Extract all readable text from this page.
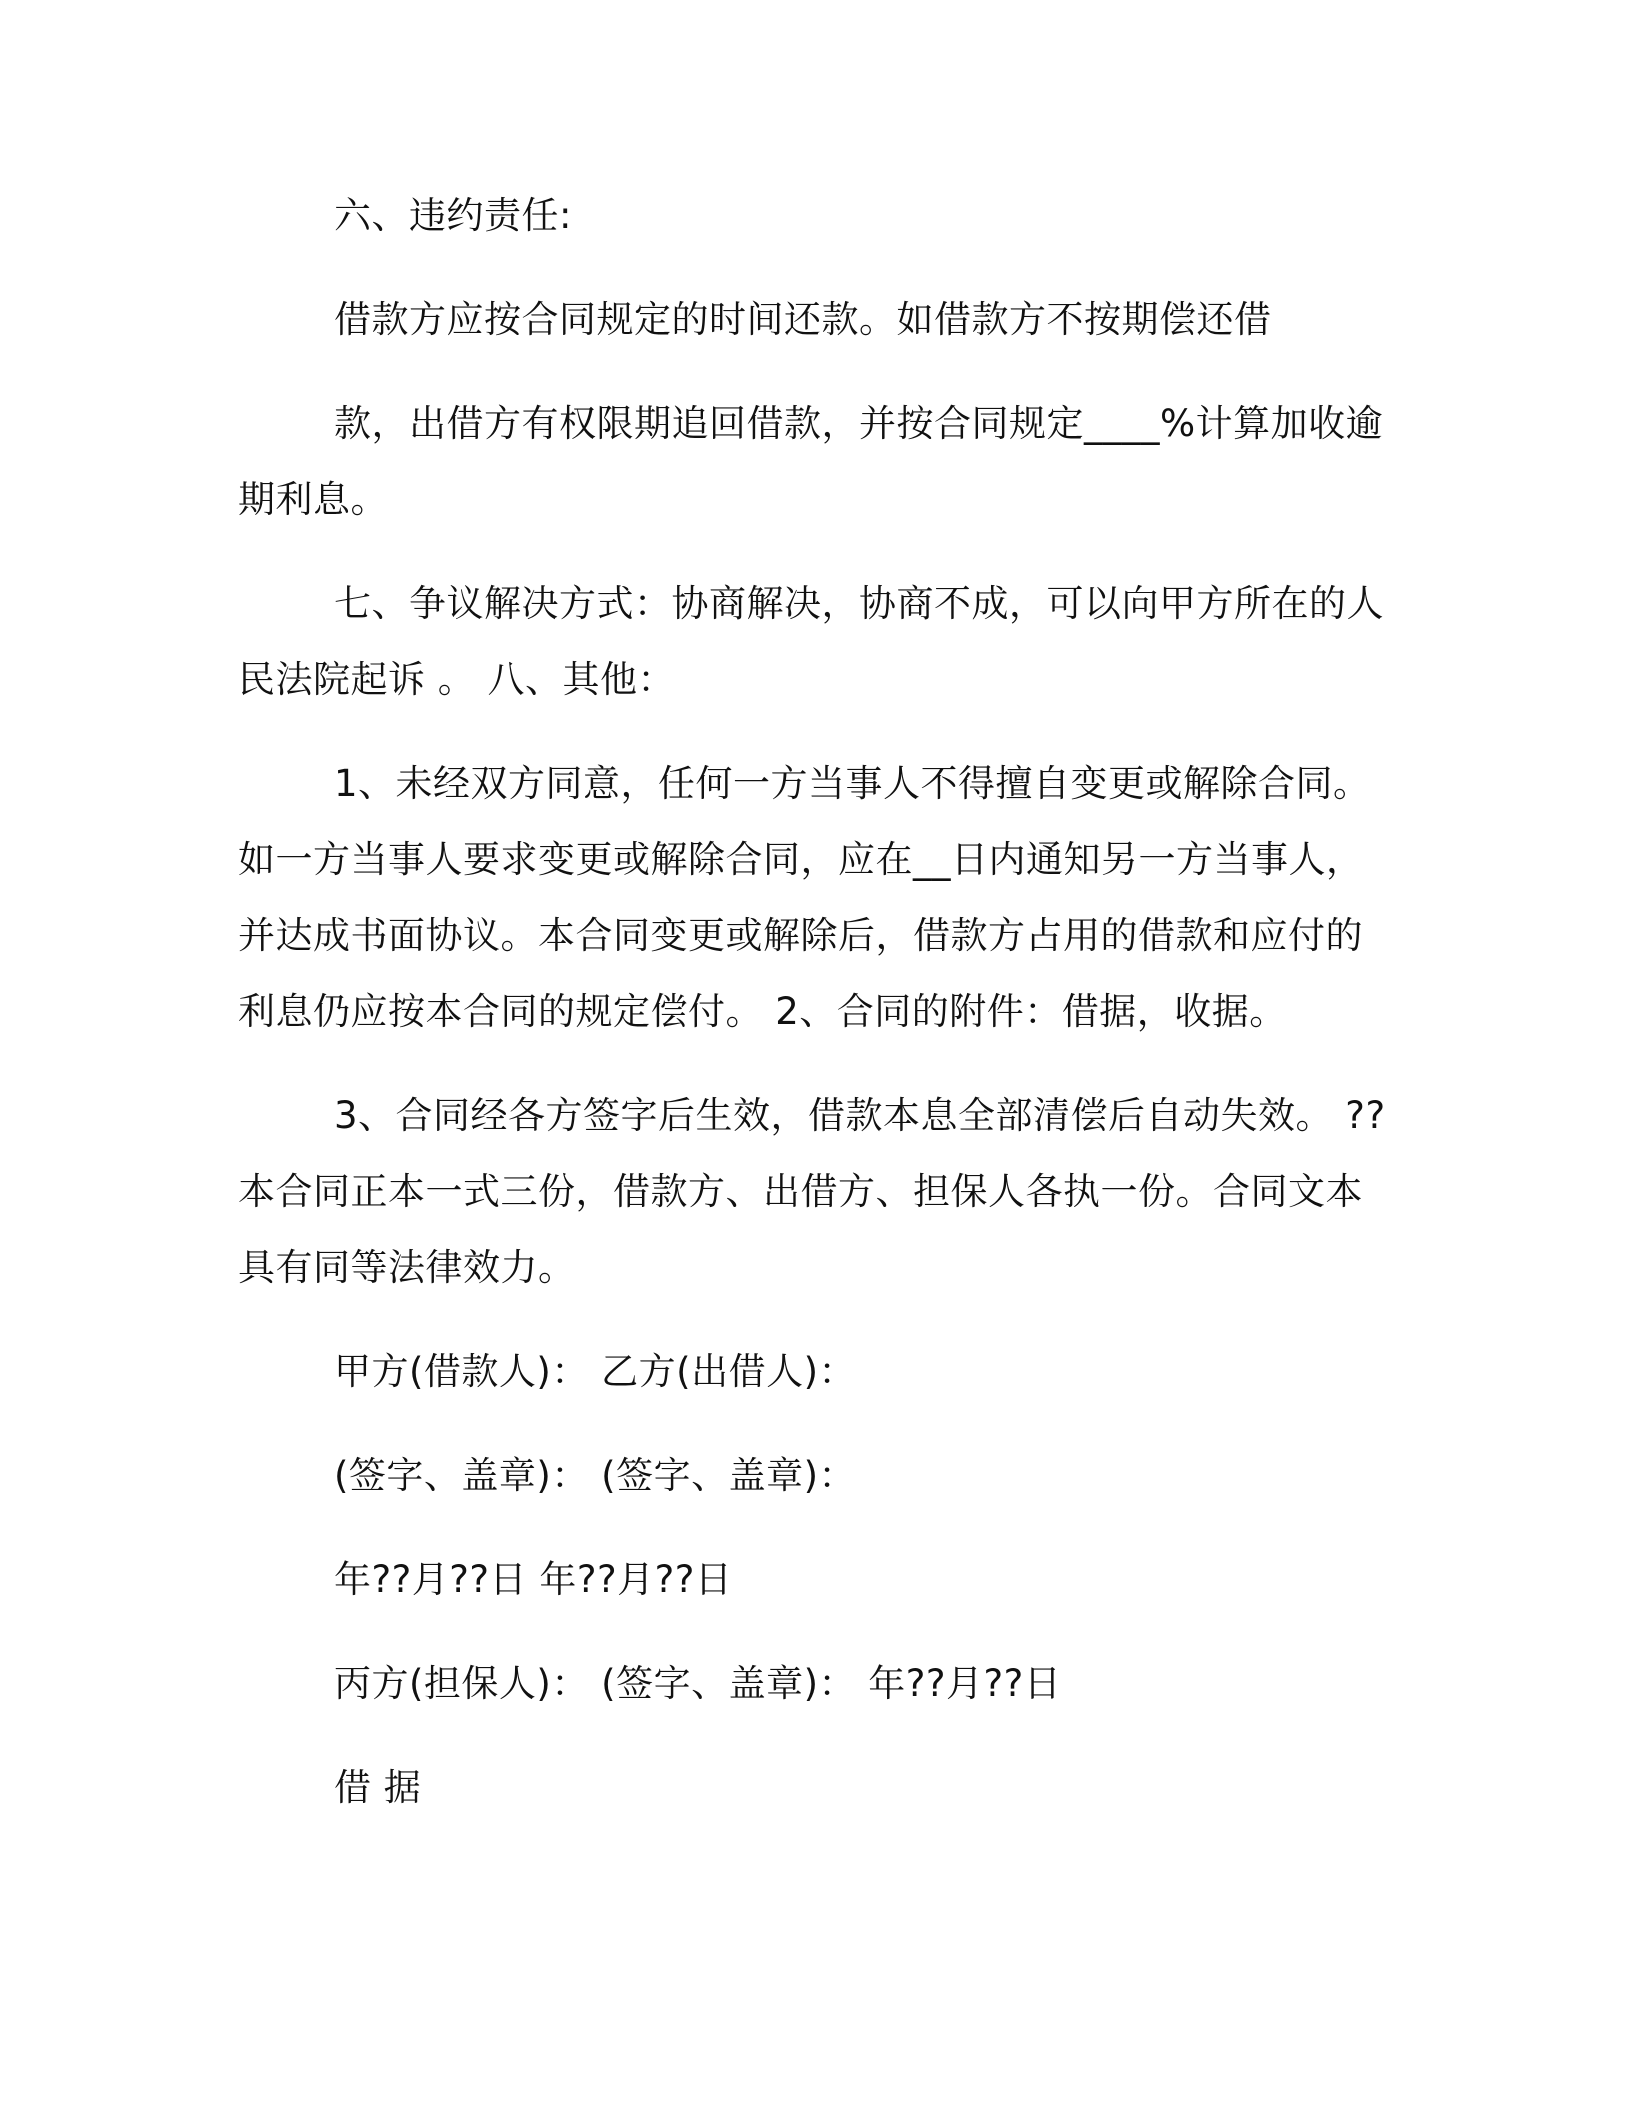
六、违约责任:
借款方应按合同规定的时间还款。如借款方不按期偿还借
款，出借方有权限期追回借款，并按合同规定____%计算加收逾
期利息。
七、争议解决方式：协商解决，协商不成，可以向甲方所在的人
民法院起诉 。 八、其他：
1、未经双方同意，任何一方当事人不得擅自变更或解除合同。
如一方当事人要求变更或解除合同，应在__日内通知另一方当事人，
并达成书面协议。本合同变更或解除后，借款方占用的借款和应付的
利息仍应按本合同的规定偿付。 2、合同的附件：借据，收据。
3、合同经各方签字后生效，借款本息全部清偿后自动失效。 ??
本合同正本一式三份，借款方、出借方、担保人各执一份。合同文本
具有同等法律效力。
甲方(借款人)： 乙方(出借人)：
(签字、盖章)： (签字、盖章)：
年??月??日 年??月??日
丙方(担保人)： (签字、盖章)： 年??月??日
借 据
